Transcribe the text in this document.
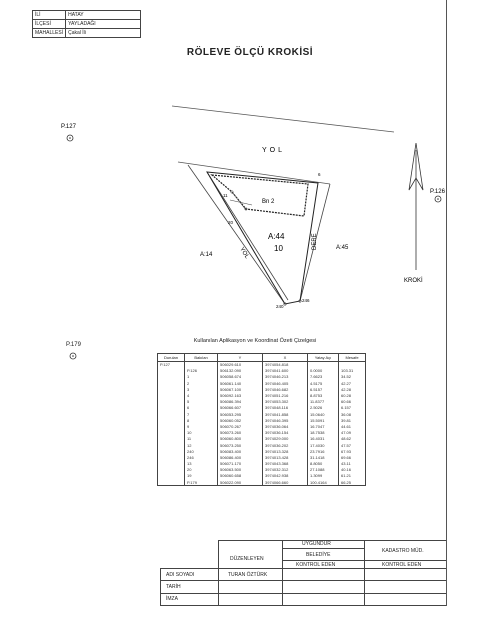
İLİ	HATAY
İLÇESİ	YAYLADAĞI
MAHALLESİ	Çakal İli
RÖLEVE ÖLÇÜ KROKİSİ
P.127
P.126
YOL
YOL
DERE
Bn 2
11
20
6
240
246
A:44
10
A:14
A:45
KROKİ
P.179
Kullanılan Aplikasyon ve Koordinat Özeti Çizelgesi
Durulan	Bakılan	Y	X	Yatay Açı	Mesafe
P.127		506029.610	3974054.818		
	P.126	506132.090	3974041.600	0.0000	103.31
	1	506058.674	3974046.213	7.6623	34.52
	2	506061.140	3974046.405	4.5175	42.27
	3	506067.100	3974046.682	6.5157	42.28
	4	506092.163	3974051.216	8.8753	60.28
	5	506086.394	3974053.302	11.8377	60.66
	6	506066.607	3974048.116	2.5026	6.157
	7	506053.295	3974041.858	15.0640	36.08
	8	506060.052	3974046.395	15.5091	39.81
	9	506070.267	3974036.064	16.7047	44.61
	10	506073.260	3974036.154	18.7538	47.09
	11	506060.800	3974029.000	16.4031	48.62
	12	506073.250	3974036.202	17.4030	47.57
	240	506083.400	3974013.328	23.7916	67.93
	246	506086.400	3974013.428	31.1418	69.66
	13	506071.170	3974043.368	8.8050	43.11
	20	506063.500	3974032.312	27.1088	40.16
	19	506060.658	3974042.938	1.3099	61.21
	P.179	506022.090	3974066.660	100.4164	66.25
UYGUNDUR
DÜZENLEYEN
KADASTRO MÜD.
BELEDİYE
KONTROL EDEN	KONTROL EDEN
ADI SOYADI	TURAN ÖZTÜRK
TARİH
İMZA
